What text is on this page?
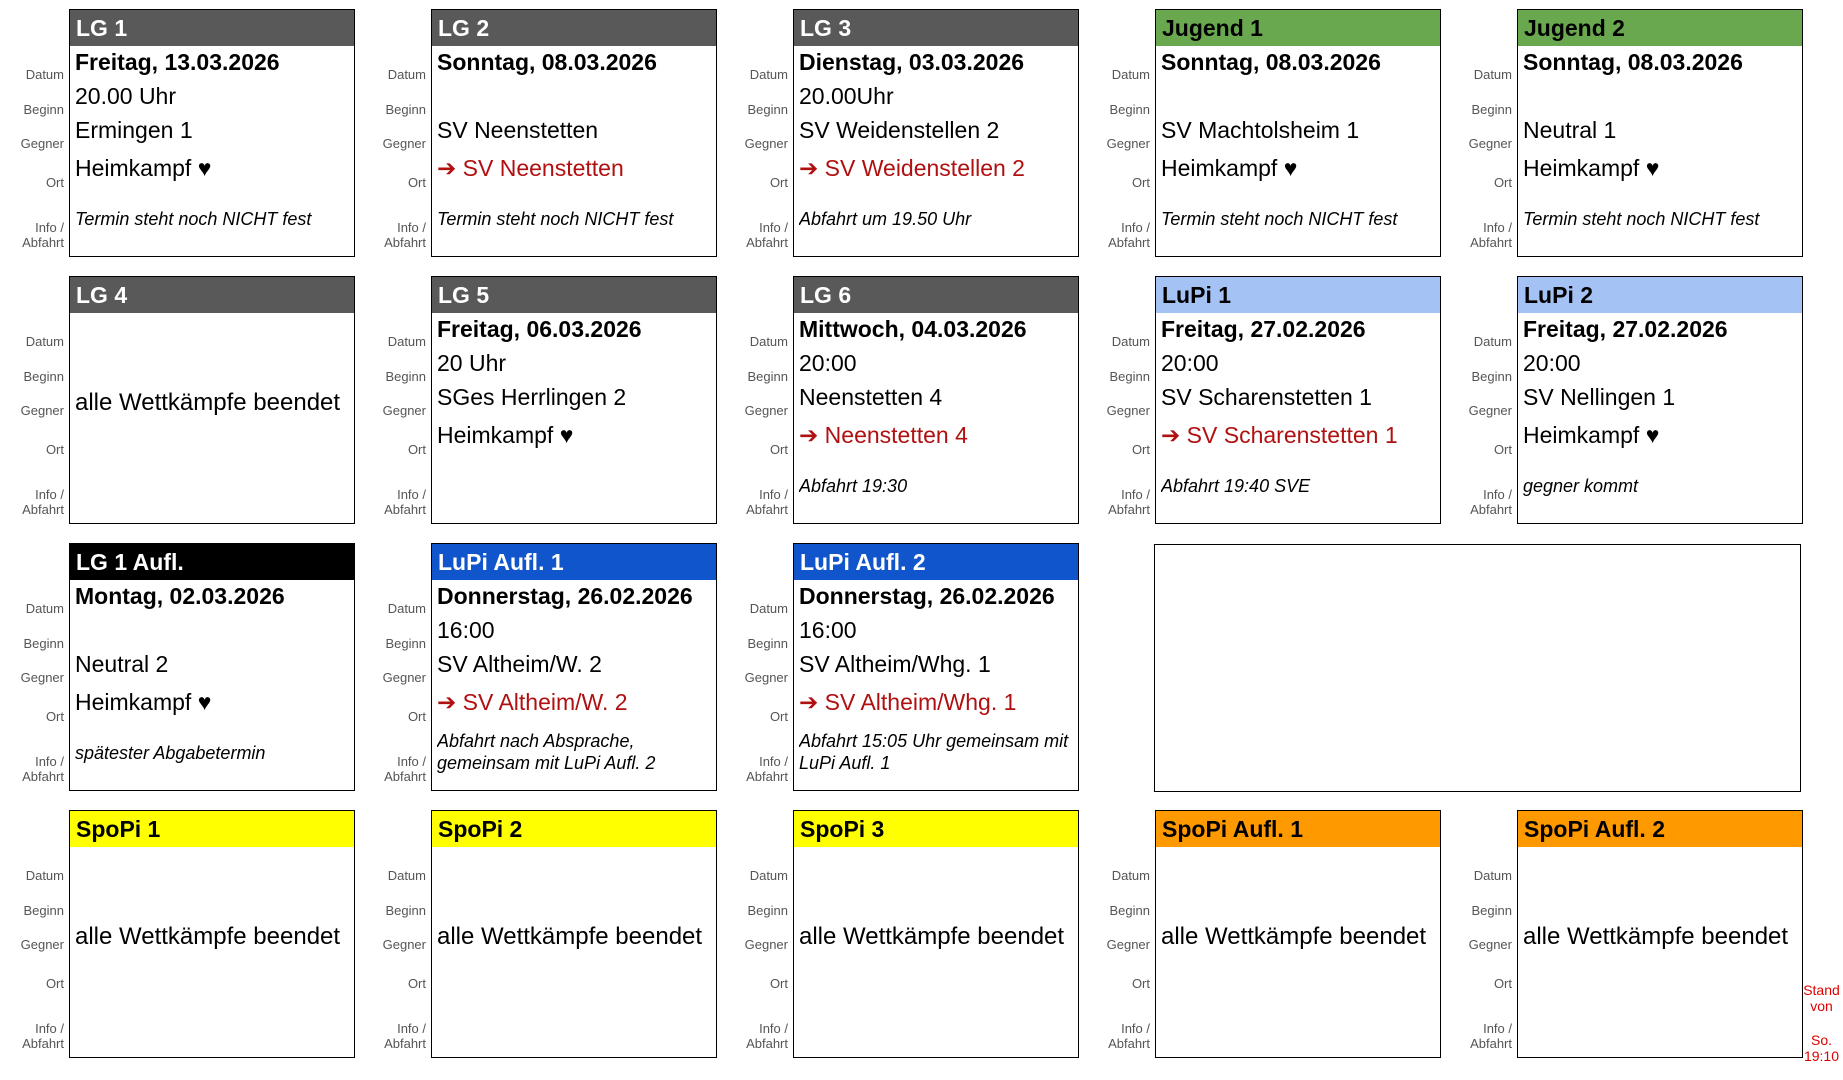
LG 1
Datum
Beginn
Gegner
Ort
Info /
Abfahrt
Freitag, 13.03.2026
20.00 Uhr
Ermingen 1
Heimkampf ♥
Termin steht noch NICHT fest
LG 2
Datum
Beginn
Gegner
Ort
Info /
Abfahrt
Sonntag, 08.03.2026
SV Neenstetten
➔ SV Neenstetten
Termin steht noch NICHT fest
LG 3
Datum
Beginn
Gegner
Ort
Info /
Abfahrt
Dienstag, 03.03.2026
20.00Uhr
SV Weidenstellen 2
➔ SV Weidenstellen 2
Abfahrt um 19.50 Uhr
Jugend 1
Datum
Beginn
Gegner
Ort
Info /
Abfahrt
Sonntag, 08.03.2026
SV Machtolsheim 1
Heimkampf ♥
Termin steht noch NICHT fest
Jugend 2
Datum
Beginn
Gegner
Ort
Info /
Abfahrt
Sonntag, 08.03.2026
Neutral 1
Heimkampf ♥
Termin steht noch NICHT fest
LG 4
Datum
Beginn
Gegner
Ort
Info /
Abfahrt
alle Wettkämpfe beendet
LG 5
Datum
Beginn
Gegner
Ort
Info /
Abfahrt
Freitag, 06.03.2026
20 Uhr
SGes Herrlingen 2
Heimkampf ♥
LG 6
Datum
Beginn
Gegner
Ort
Info /
Abfahrt
Mittwoch, 04.03.2026
20:00
Neenstetten 4
➔ Neenstetten 4
Abfahrt 19:30
LuPi 1
Datum
Beginn
Gegner
Ort
Info /
Abfahrt
Freitag, 27.02.2026
20:00
SV Scharenstetten 1
➔ SV Scharenstetten 1
Abfahrt 19:40 SVE
LuPi 2
Datum
Beginn
Gegner
Ort
Info /
Abfahrt
Freitag, 27.02.2026
20:00
SV Nellingen 1
Heimkampf ♥
gegner kommt
LG 1 Aufl.
Datum
Beginn
Gegner
Ort
Info /
Abfahrt
Montag, 02.03.2026
Neutral 2
Heimkampf ♥
spätester Abgabetermin
LuPi Aufl. 1
Datum
Beginn
Gegner
Ort
Info /
Abfahrt
Donnerstag, 26.02.2026
16:00
SV Altheim/W. 2
➔ SV Altheim/W. 2
Abfahrt nach Absprache, gemeinsam mit LuPi Aufl. 2
LuPi Aufl. 2
Datum
Beginn
Gegner
Ort
Info /
Abfahrt
Donnerstag, 26.02.2026
16:00
SV Altheim/Whg. 1
➔ SV Altheim/Whg. 1
Abfahrt 15:05 Uhr gemeinsam mit LuPi Aufl. 1
SpoPi 1
Datum
Beginn
Gegner
Ort
Info /
Abfahrt
alle Wettkämpfe beendet
SpoPi 2
Datum
Beginn
Gegner
Ort
Info /
Abfahrt
alle Wettkämpfe beendet
SpoPi 3
Datum
Beginn
Gegner
Ort
Info /
Abfahrt
alle Wettkämpfe beendet
SpoPi Aufl. 1
Datum
Beginn
Gegner
Ort
Info /
Abfahrt
alle Wettkämpfe beendet
SpoPi Aufl. 2
Datum
Beginn
Gegner
Ort
Info /
Abfahrt
alle Wettkämpfe beendet
Stand
von
So.
19:10
